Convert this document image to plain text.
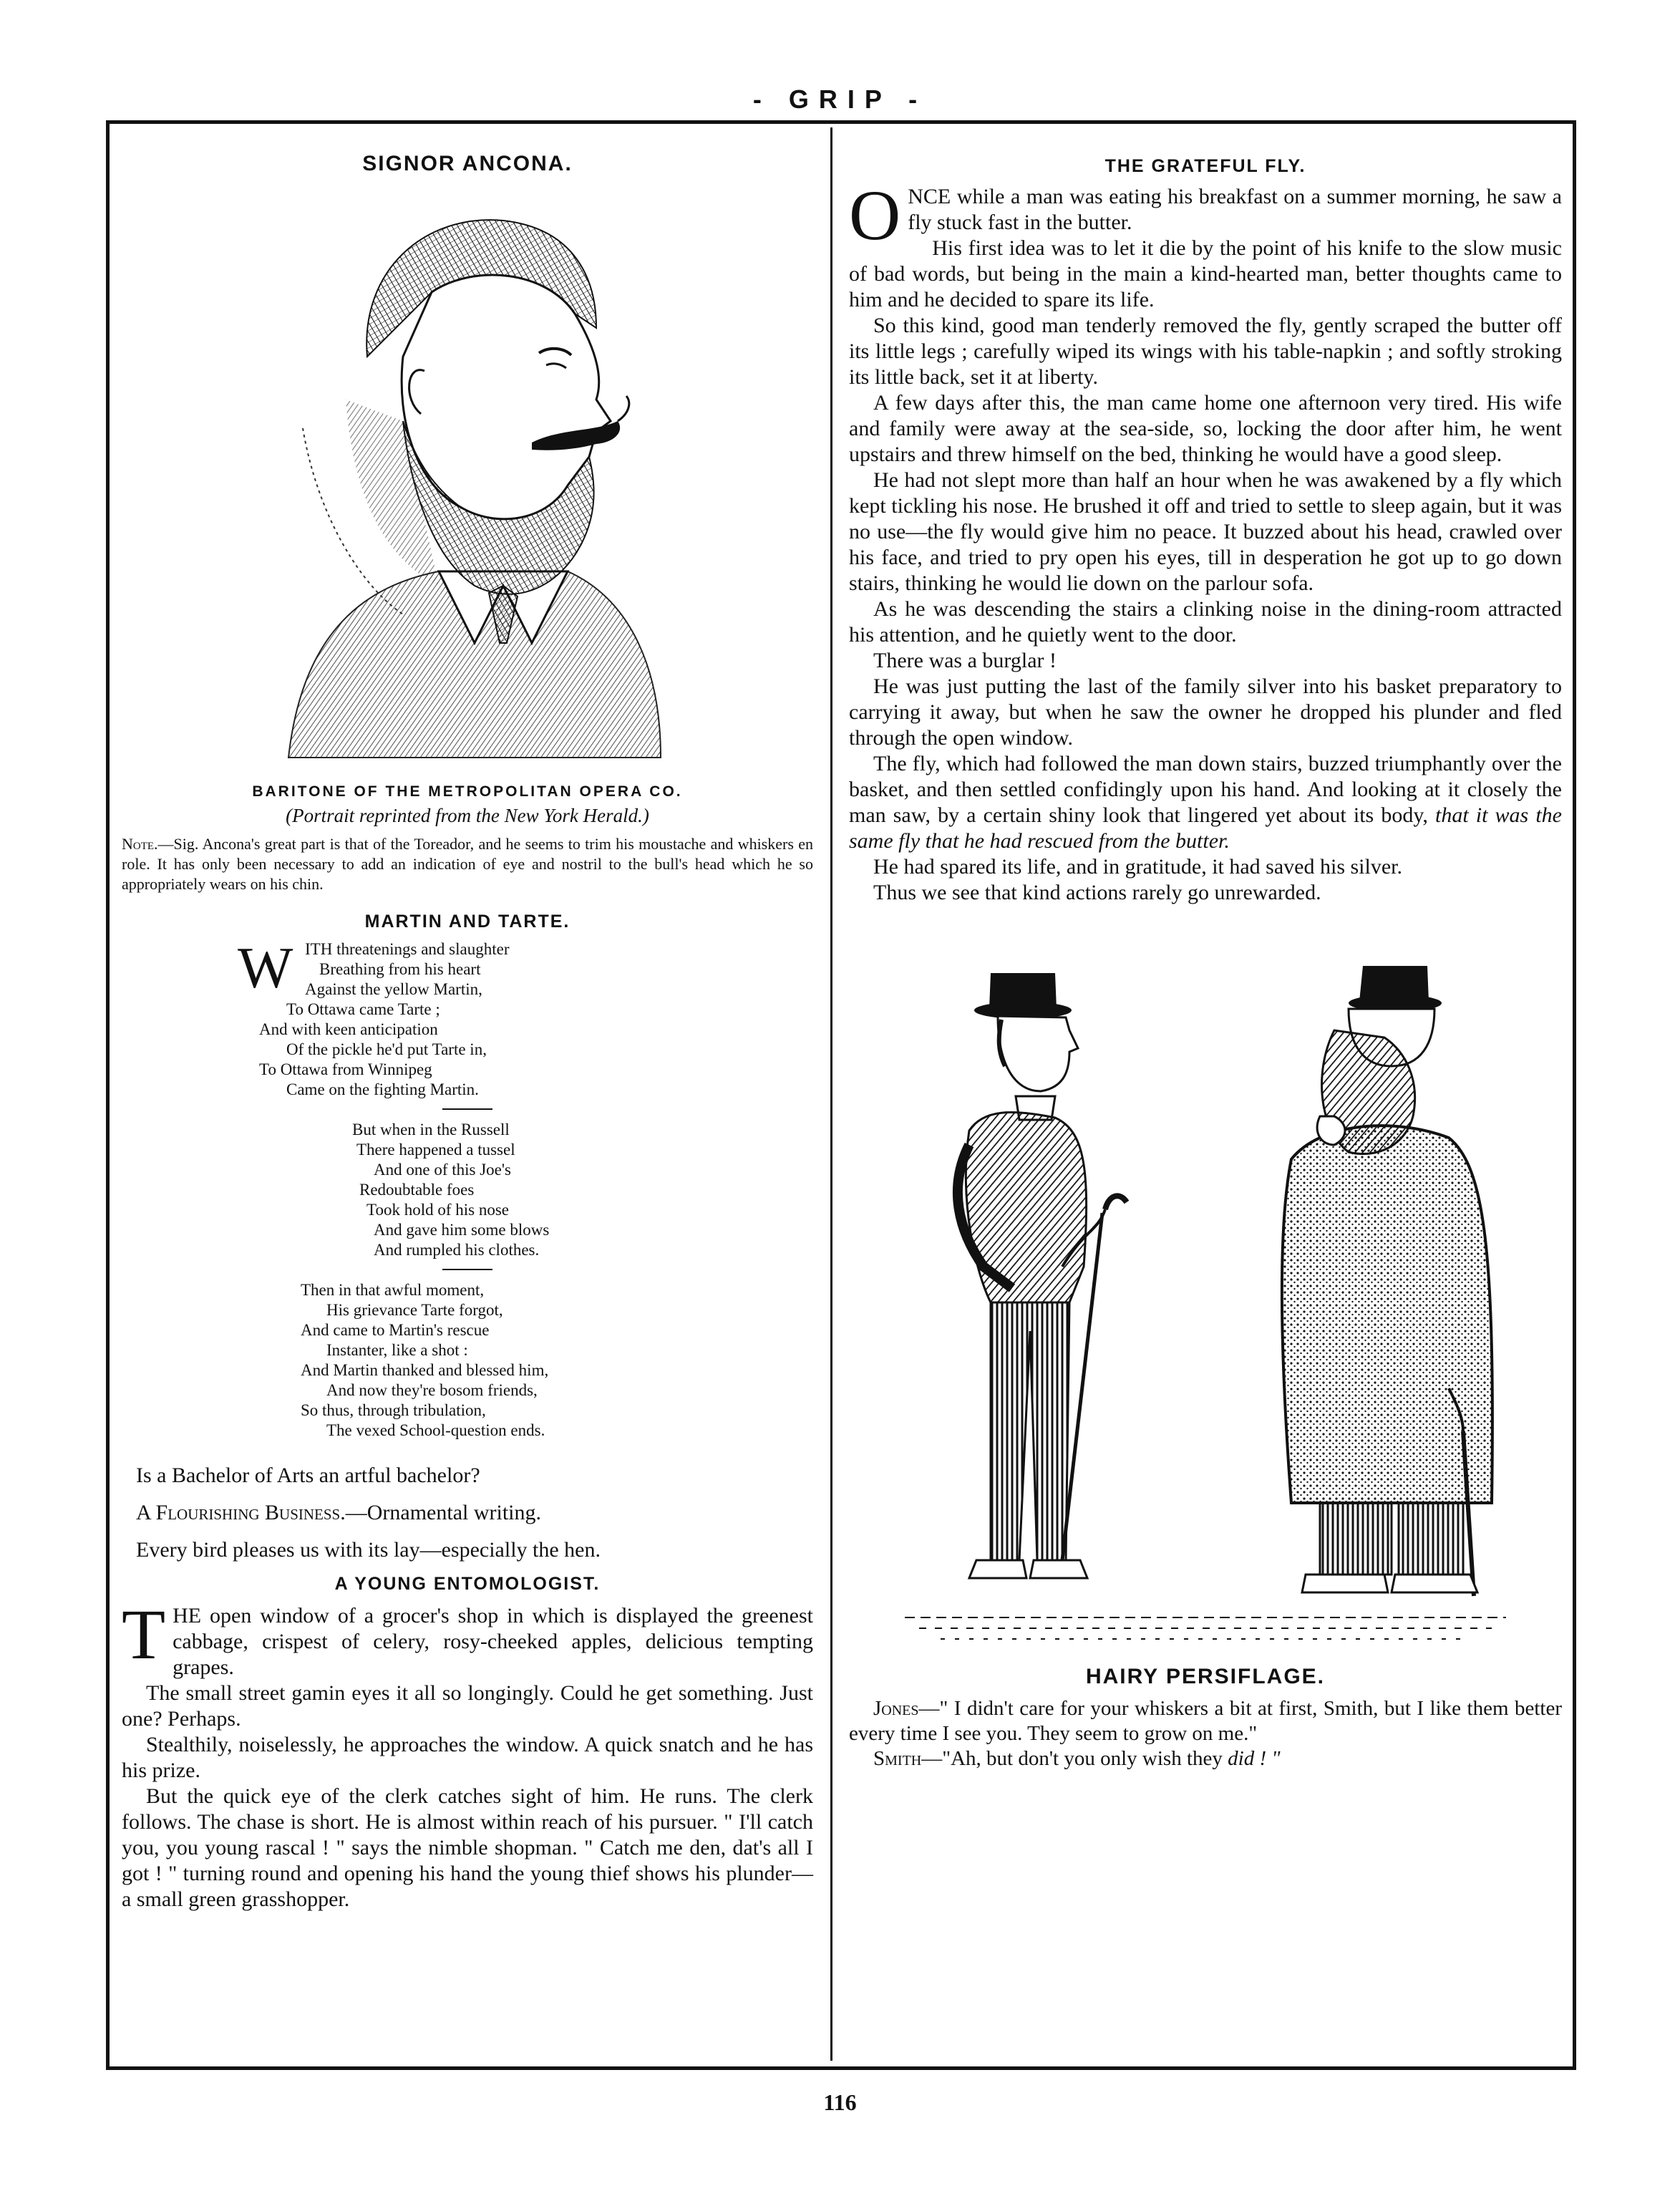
- GRIP -
SIGNOR ANCONA.

BARITONE OF THE METROPOLITAN OPERA CO.

(Portrait reprinted from the New York Herald.)

Note.—Sig. Ancona's great part is that of the Toreador, and he seems to trim his moustache and whiskers en role. It has only been necessary to add an indication of eye and nostril to the bull's head which he so appropriately wears on his chin.

MARTIN AND TARTE.
W ITH threatenings and slaughter

Breathing from his heart

Against the yellow Martin,

To Ottawa came Tarte ;

And with keen anticipation

Of the pickle he'd put Tarte in,

To Ottawa from Winnipeg

Came on the fighting Martin.

But when in the Russell

There happened a tussel

And one of this Joe's

Redoubtable foes

Took hold of his nose

And gave him some blows

And rumpled his clothes.

Then in that awful moment,

His grievance Tarte forgot,

And came to Martin's rescue

Instanter, like a shot :

And Martin thanked and blessed him,

And now they're bosom friends,

So thus, through tribulation,

The vexed School-question ends.

Is a Bachelor of Arts an artful bachelor?

A Flourishing Business.—Ornamental writing.

Every bird pleases us with its lay—especially the hen.

A YOUNG ENTOMOLOGIST.

THE open window of a grocer's shop in which is displayed the greenest cabbage, crispest of celery, rosy-cheeked apples, delicious tempting grapes.

The small street gamin eyes it all so longingly. Could he get something. Just one? Perhaps.

Stealthily, noiselessly, he approaches the window. A quick snatch and he has his prize.

But the quick eye of the clerk catches sight of him. He runs. The clerk follows. The chase is short. He is almost within reach of his pursuer. " I'll catch you, you young rascal ! " says the nimble shopman. " Catch me den, dat's all I got ! " turning round and opening his hand the young thief shows his plunder—a small green grasshopper.

THE GRATEFUL FLY.

ONCE while a man was eating his breakfast on a summer morning, he saw a fly stuck fast in the butter.

His first idea was to let it die by the point of his knife to the slow music of bad words, but being in the main a kind-hearted man, better thoughts came to him and he decided to spare its life.

So this kind, good man tenderly removed the fly, gently scraped the butter off its little legs ; carefully wiped its wings with his table-napkin ; and softly stroking its little back, set it at liberty.

A few days after this, the man came home one afternoon very tired. His wife and family were away at the sea-side, so, locking the door after him, he went upstairs and threw himself on the bed, thinking he would have a good sleep.

He had not slept more than half an hour when he was awakened by a fly which kept tickling his nose. He brushed it off and tried to settle to sleep again, but it was no use—the fly would give him no peace. It buzzed about his head, crawled over his face, and tried to pry open his eyes, till in desperation he got up to go down stairs, thinking he would lie down on the parlour sofa.

As he was descending the stairs a clinking noise in the dining-room attracted his attention, and he quietly went to the door.

There was a burglar !

He was just putting the last of the family silver into his basket preparatory to carrying it away, but when he saw the owner he dropped his plunder and fled through the open window.

The fly, which had followed the man down stairs, buzzed triumphantly over the basket, and then settled confidingly upon his hand. And looking at it closely the man saw, by a certain shiny look that lingered yet about its body, that it was the same fly that he had rescued from the butter.

He had spared its life, and in gratitude, it had saved his silver.

Thus we see that kind actions rarely go unrewarded.

HAIRY PERSIFLAGE.

Jones—" I didn't care for your whiskers a bit at first, Smith, but I like them better every time I see you. They seem to grow on me."

Smith—"Ah, but don't you only wish they did ! "

116
